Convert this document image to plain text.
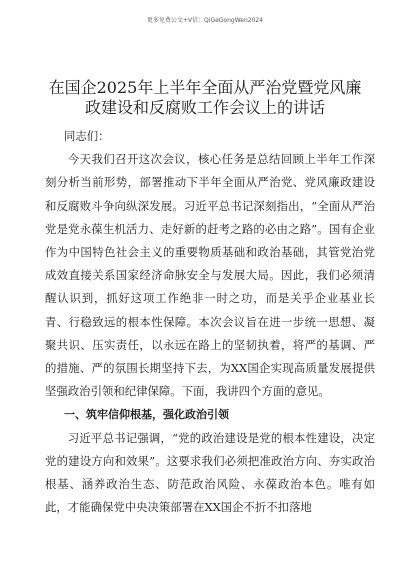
更多免费公文+V信：QiGeGongWen2024
在国企2025年上半年全面从严治党暨党风廉政建设和反腐败工作会议上的讲话

同志们：

今天我们召开这次会议，核心任务是总结回顾上半年工作深刻分析当前形势，部署推动下半年全面从严治党、党风廉政建设和反腐败斗争向纵深发展。习近平总书记深刻指出，“全面从严治党是党永葆生机活力、走好新的赶考之路的必由之路”。国有企业作为中国特色社会主义的重要物质基础和政治基础，其管党治党成效直接关系国家经济命脉安全与发展大局。因此，我们必须清醒认识到，抓好这项工作绝非一时之功，而是关乎企业基业长青、行稳致远的根本性保障。本次会议旨在进一步统一思想、凝聚共识、压实责任，以永远在路上的坚韧执着，将严的基调、严的措施、严的氛围长期坚持下去，为XX国企实现高质量发展提供坚强政治引领和纪律保障。下面，我讲四个方面的意见。

一、筑牢信仰根基，强化政治引领

习近平总书记强调，“党的政治建设是党的根本性建设，决定党的建设方向和效果”。这要求我们必须把准政治方向、夯实政治根基、涵养政治生态、防范政治风险、永葆政治本色。唯有如此，才能确保党中央决策部署在XX国企不折不扣落地
